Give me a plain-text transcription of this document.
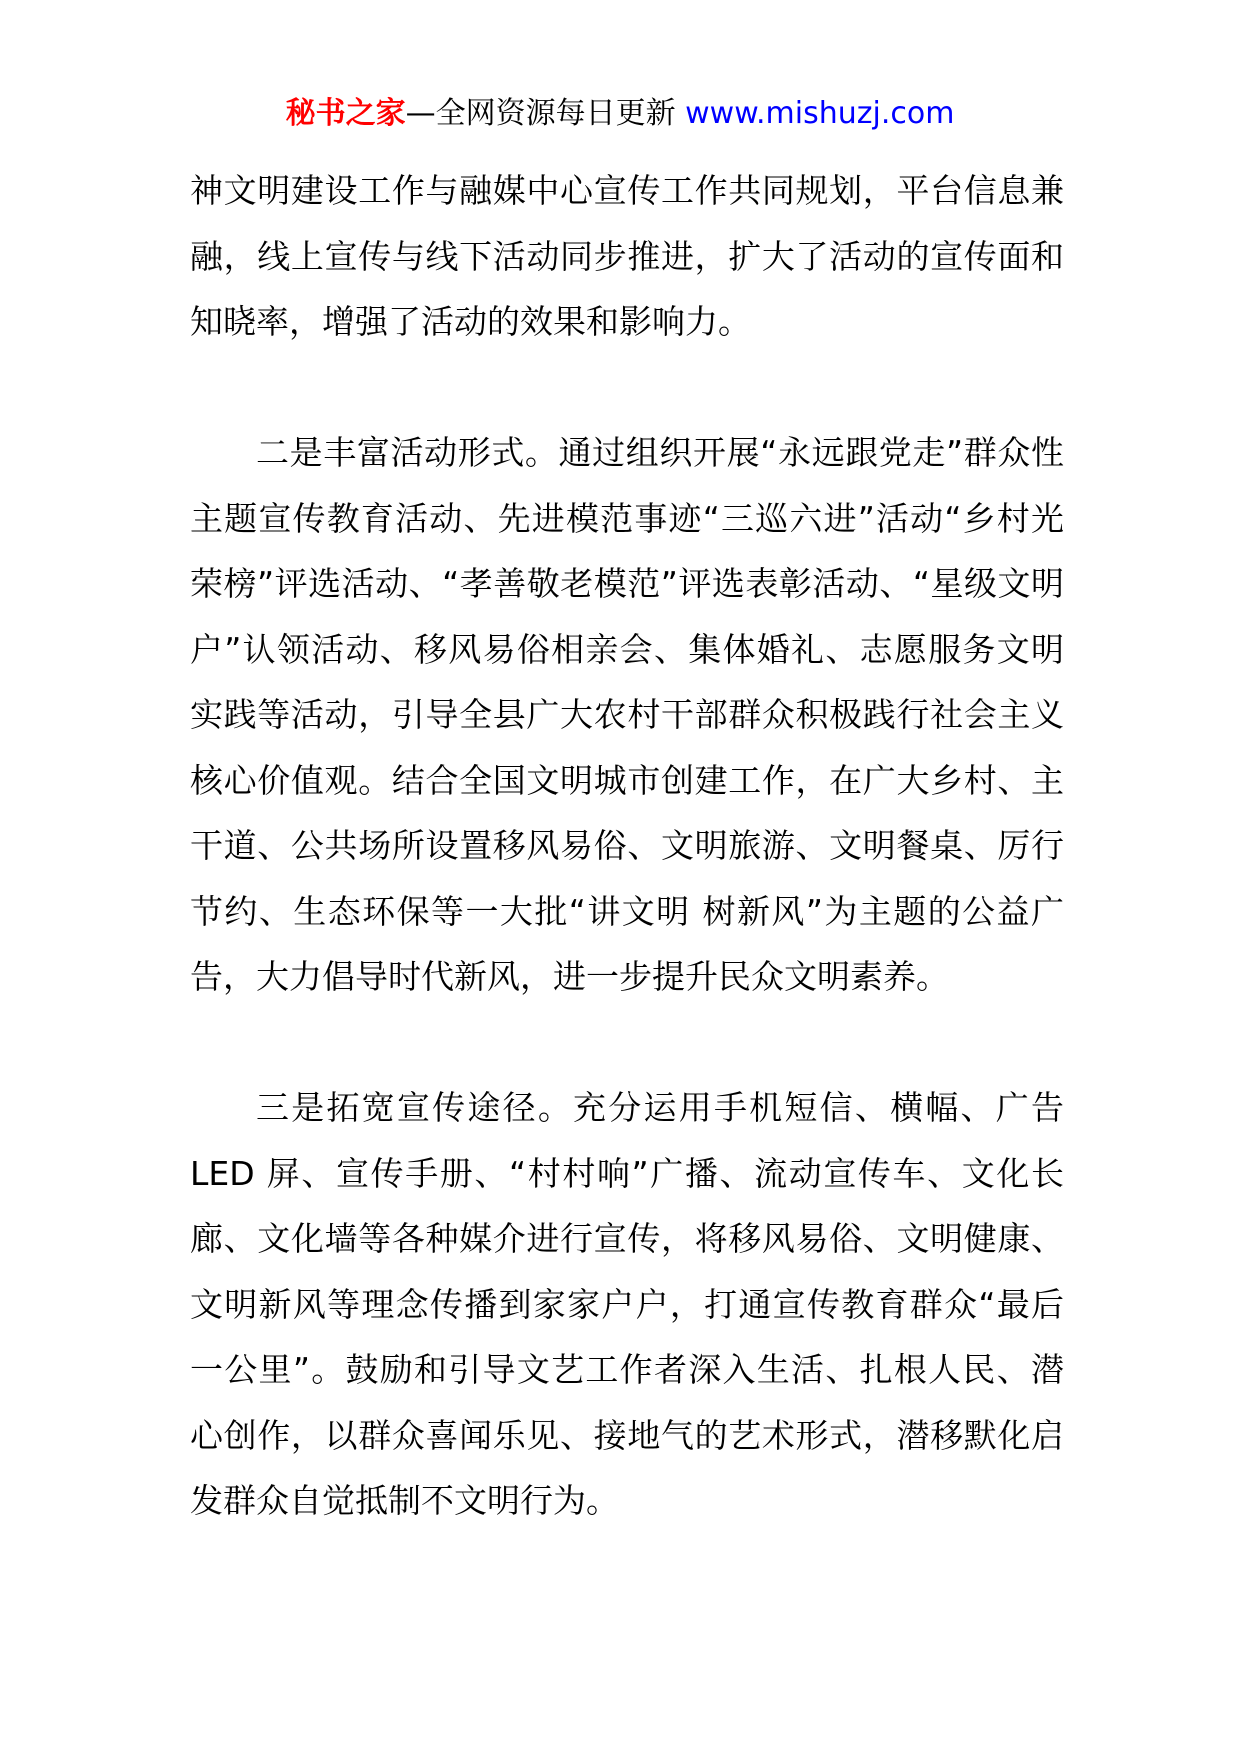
秘书之家—全网资源每日更新 www.mishuzj.com

神文明建设工作与融媒中心宣传工作共同规划，平台信息兼融，线上宣传与线下活动同步推进，扩大了活动的宣传面和知晓率，增强了活动的效果和影响力。

二是丰富活动形式。通过组织开展“永远跟党走”群众性主题宣传教育活动、先进模范事迹“三巡六进”活动“乡村光荣榜”评选活动、“孝善敬老模范”评选表彰活动、“星级文明户”认领活动、移风易俗相亲会、集体婚礼、志愿服务文明实践等活动，引导全县广大农村干部群众积极践行社会主义核心价值观。结合全国文明城市创建工作，在广大乡村、主干道、公共场所设置移风易俗、文明旅游、文明餐桌、厉行节约、生态环保等一大批“讲文明 树新风”为主题的公益广告，大力倡导时代新风，进一步提升民众文明素养。

三是拓宽宣传途径。充分运用手机短信、横幅、广告 LED 屏、宣传手册、“村村响”广播、流动宣传车、文化长廊、文化墙等各种媒介进行宣传，将移风易俗、文明健康、文明新风等理念传播到家家户户，打通宣传教育群众“最后一公里”。鼓励和引导文艺工作者深入生活、扎根人民、潜心创作，以群众喜闻乐见、接地气的艺术形式，潜移默化启发群众自觉抵制不文明行为。
